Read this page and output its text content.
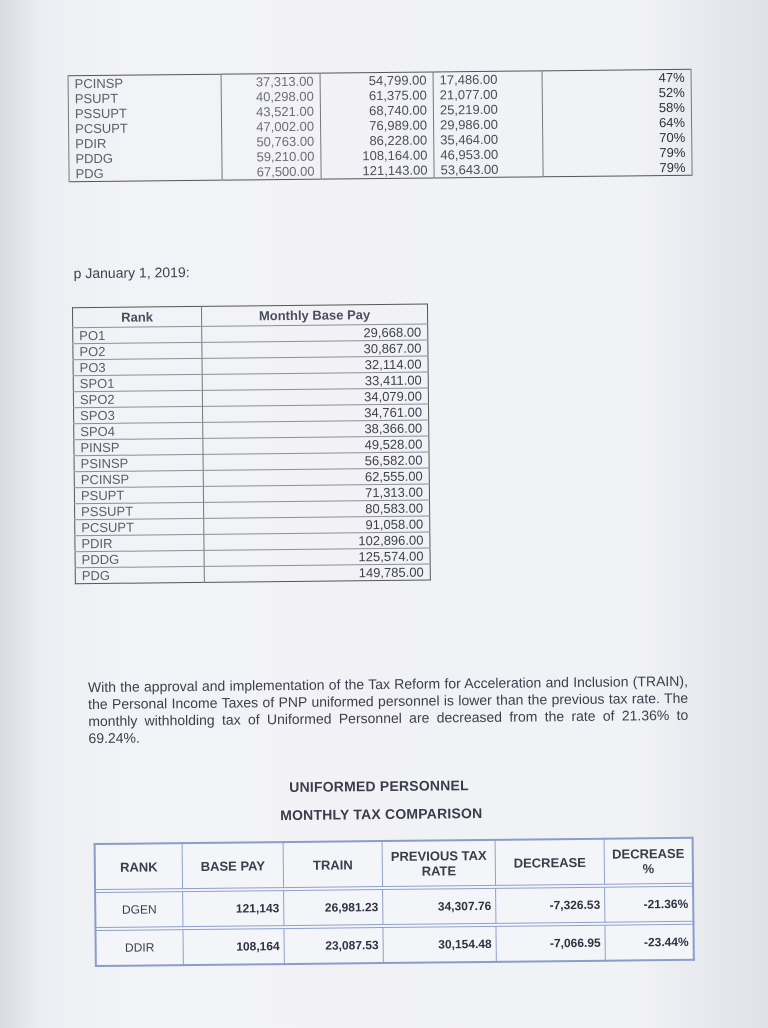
PCINSP	37,313.00	54,799.00	17,486.00	47%
PSUPT	40,298.00	61,375.00	21,077.00	52%
PSSUPT	43,521.00	68,740.00	25,219.00	58%
PCSUPT	47,002.00	76,989.00	29,986.00	64%
PDIR	50,763.00	86,228.00	35,464.00	70%
PDDG	59,210.00	108,164.00	46,953.00	79%
PDG	67,500.00	121,143.00	53,643.00	79%
p January 1, 2019:
Rank	Monthly Base Pay
PO1	29,668.00
PO2	30,867.00
PO3	32,114.00
SPO1	33,411.00
SPO2	34,079.00
SPO3	34,761.00
SPO4	38,366.00
PINSP	49,528.00
PSINSP	56,582.00
PCINSP	62,555.00
PSUPT	71,313.00
PSSUPT	80,583.00
PCSUPT	91,058.00
PDIR	102,896.00
PDDG	125,574.00
PDG	149,785.00
With the approval and implementation of the Tax Reform for Acceleration and Inclusion (TRAIN), the Personal Income Taxes of PNP uniformed personnel is lower than the previous tax rate. The monthly withholding tax of Uniformed Personnel are decreased from the rate of 21.36% to 69.24%.
UNIFORMED PERSONNEL
MONTHLY TAX COMPARISON
RANK	BASE PAY	TRAIN	PREVIOUS TAX RATE	DECREASE	DECREASE %

DGEN	121,143	26,981.23	34,307.76	-7,326.53	-21.36%

DDIR	108,164	23,087.53	30,154.48	-7,066.95	-23.44%
